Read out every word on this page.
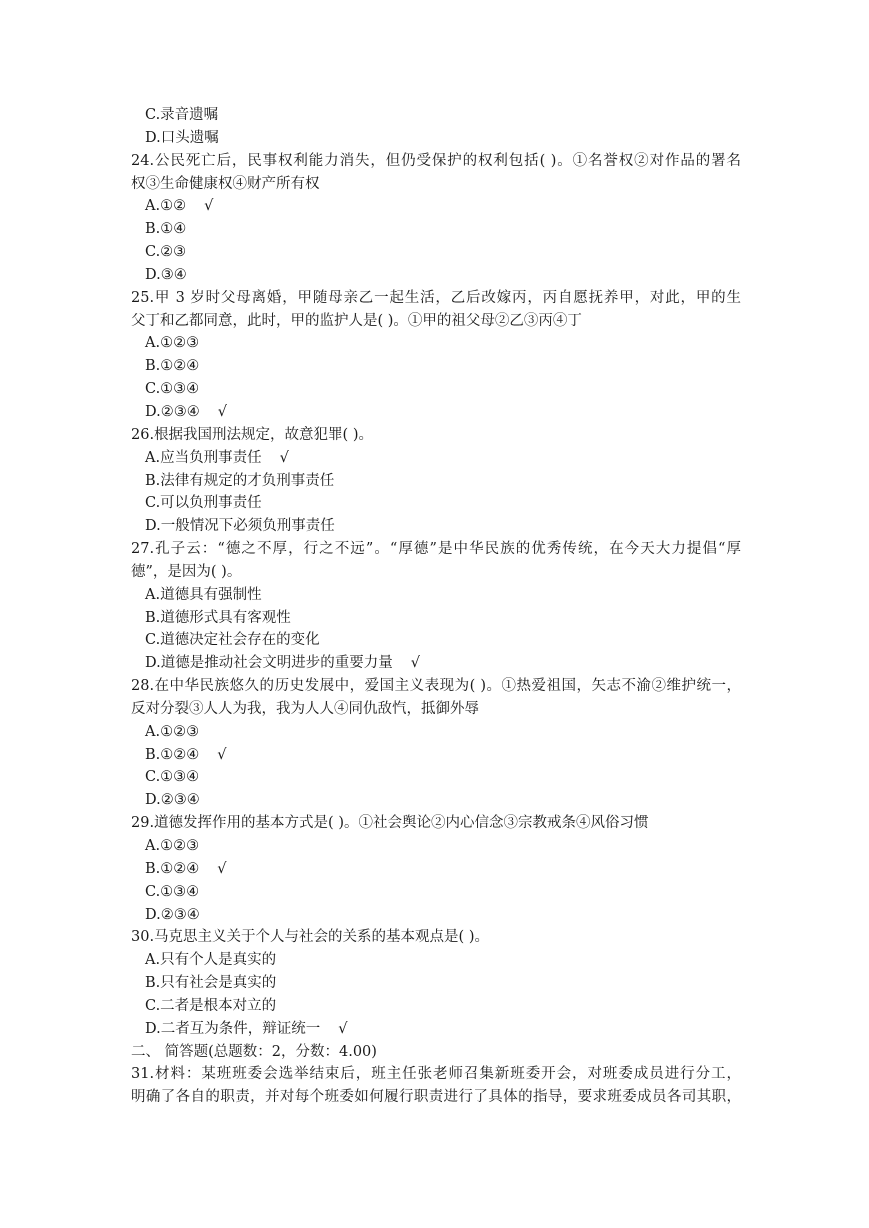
C.录音遗嘱
D.口头遗嘱
24.公民死亡后，民事权利能力消失，但仍受保护的权利包括( )。①名誉权②对作品的署名
权③生命健康权④财产所有权
A.①② √
B.①④
C.②③
D.③④
25.甲 3 岁时父母离婚，甲随母亲乙一起生活，乙后改嫁丙，丙自愿抚养甲，对此，甲的生
父丁和乙都同意，此时，甲的监护人是( )。①甲的祖父母②乙③丙④丁
A.①②③
B.①②④
C.①③④
D.②③④ √
26.根据我国刑法规定，故意犯罪( )。
A.应当负刑事责任 √
B.法律有规定的才负刑事责任
C.可以负刑事责任
D.一般情况下必须负刑事责任
27.孔子云：“德之不厚，行之不远”。“厚德”是中华民族的优秀传统，在今天大力提倡“厚
德”，是因为( )。
A.道德具有强制性
B.道德形式具有客观性
C.道德决定社会存在的变化
D.道德是推动社会文明进步的重要力量 √
28.在中华民族悠久的历史发展中，爱国主义表现为( )。①热爱祖国，矢志不渝②维护统一，
反对分裂③人人为我，我为人人④同仇敌忾，抵御外辱
A.①②③
B.①②④ √
C.①③④
D.②③④
29.道德发挥作用的基本方式是( )。①社会舆论②内心信念③宗教戒条④风俗习惯
A.①②③
B.①②④ √
C.①③④
D.②③④
30.马克思主义关于个人与社会的关系的基本观点是( )。
A.只有个人是真实的
B.只有社会是真实的
C.二者是根本对立的
D.二者互为条件，辩证统一 √
二、 简答题(总题数：2，分数：4.00)
31.材料：某班班委会选举结束后，班主任张老师召集新班委开会，对班委成员进行分工，
明确了各自的职责，并对每个班委如何履行职责进行了具体的指导，要求班委成员各司其职，
